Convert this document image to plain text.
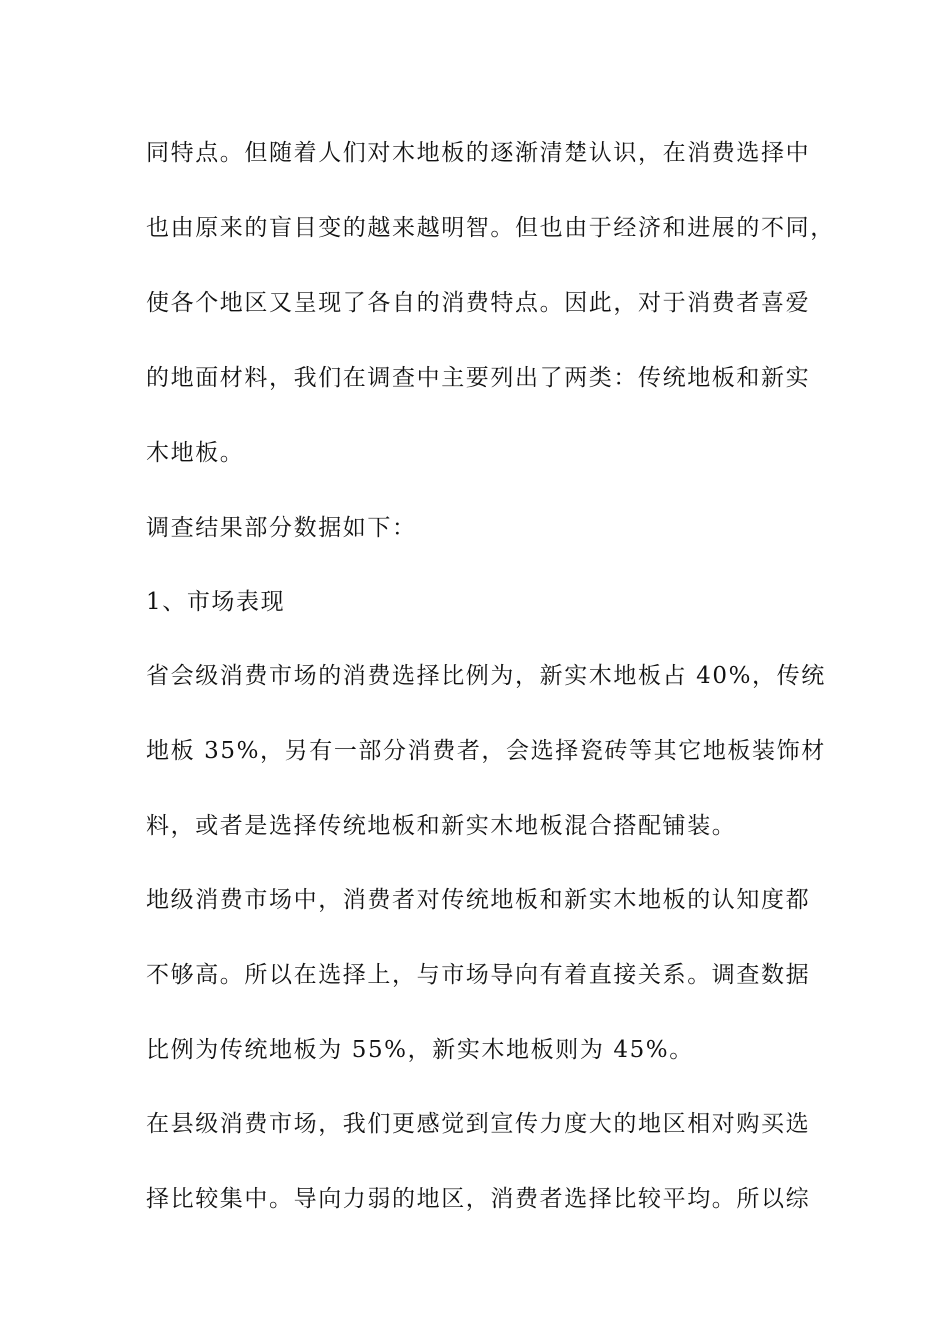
同特点。但随着人们对木地板的逐渐清楚认识，在消费选择中
也由原来的盲目变的越来越明智。但也由于经济和进展的不同，
使各个地区又呈现了各自的消费特点。因此，对于消费者喜爱
的地面材料，我们在调查中主要列出了两类：传统地板和新实
木地板。
调查结果部分数据如下：
1、市场表现
省会级消费市场的消费选择比例为，新实木地板占 40%，传统
地板 35%，另有一部分消费者，会选择瓷砖等其它地板装饰材
料，或者是选择传统地板和新实木地板混合搭配铺装。
地级消费市场中，消费者对传统地板和新实木地板的认知度都
不够高。所以在选择上，与市场导向有着直接关系。调查数据
比例为传统地板为 55%，新实木地板则为 45%。
在县级消费市场，我们更感觉到宣传力度大的地区相对购买选
择比较集中。导向力弱的地区，消费者选择比较平均。所以综
